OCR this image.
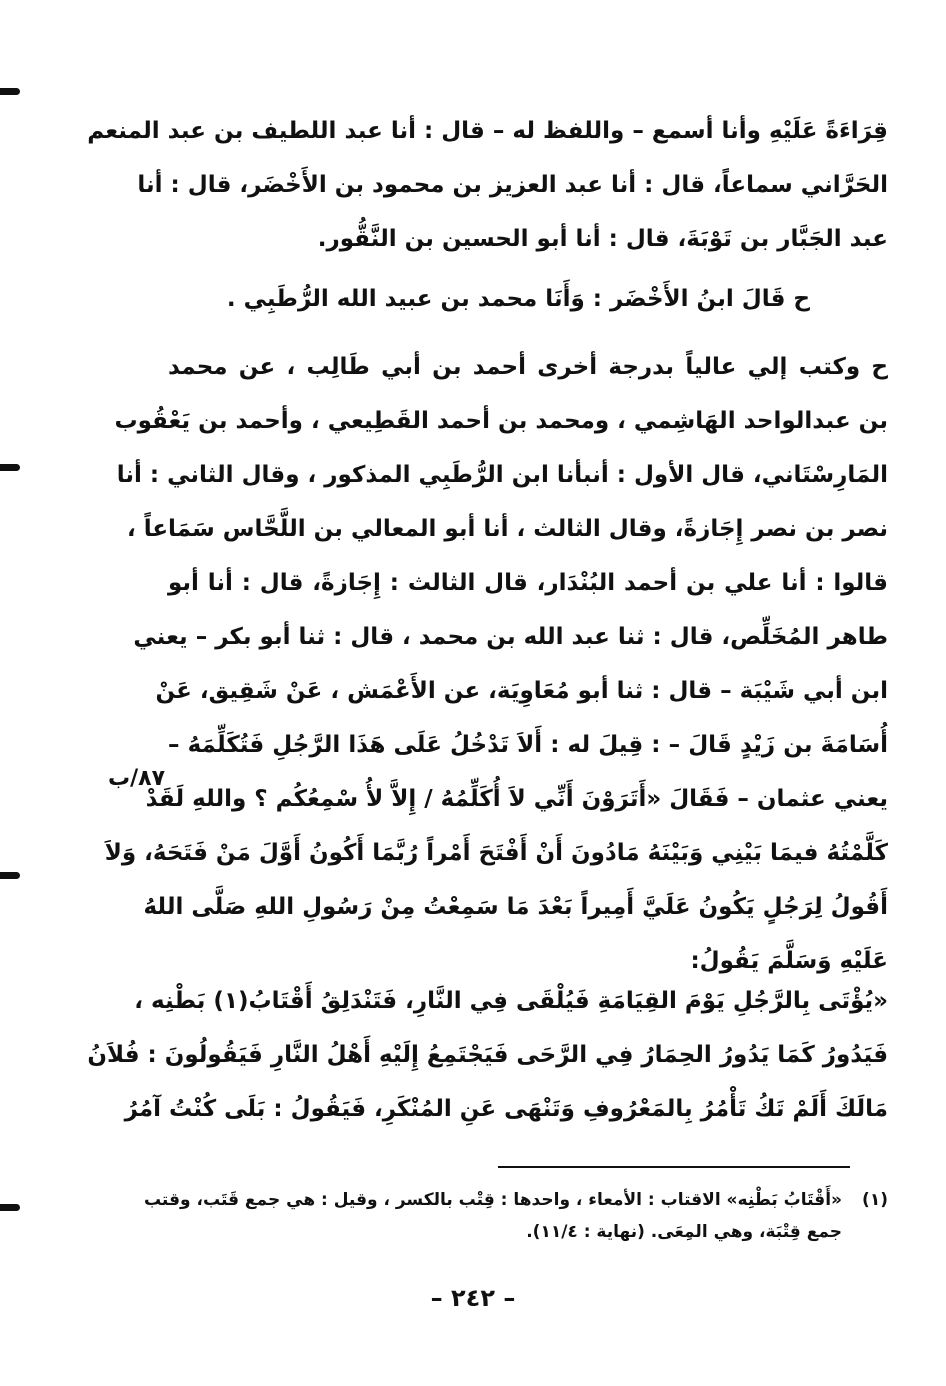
قِرَاءَةً عَلَيْهِ وأنا أسمع – واللفظ له – قال : أنا عبد اللطيف بن عبد المنعم
الحَرَّاني سماعاً، قال : أنا عبد العزيز بن محمود بن الأَخْضَر، قال : أنا
عبد الجَبَّار بن تَوْبَةَ، قال : أنا أبو الحسين بن النَّقُّور.
ح قَالَ ابنُ الأَخْضَر : وَأَنَا محمد بن عبيد الله الرُّطَبِي .
ح وكتب إلي عالياً بدرجة أخرى أحمد بن أبي طَالِب ، عن محمد
بن عبدالواحد الهَاشِمي ، ومحمد بن أحمد القَطِيعي ، وأحمد بن يَعْقُوب
المَارِسْتَاني، قال الأول : أنبأنا ابن الرُّطَبِي المذكور ، وقال الثاني : أنا
نصر بن نصر إِجَازةً، وقال الثالث ، أنا أبو المعالي بن اللَّحَّاس سَمَاعاً ،
قالوا : أنا علي بن أحمد البُنْدَار، قال الثالث : إِجَازةً، قال : أنا أبو
طاهر المُخَلِّص، قال : ثنا عبد الله بن محمد ، قال : ثنا أبو بكر – يعني
ابن أبي شَيْبَة – قال : ثنا أبو مُعَاوِيَة، عن الأَعْمَش ، عَنْ شَقِيق، عَنْ
أُسَامَةَ بن زَيْدٍ قَالَ – : قِيلَ له : أَلاَ تَدْخُلُ عَلَى هَذَا الرَّجُلِ فَتُكَلِّمَهُ –
يعني عثمان – فَقَالَ «أَتَرَوْنَ أَنِّي لاَ أُكَلِّمُهُ / إِلاَّ لأُ سْمِعُكُم ؟ واللهِ لَقَدْ
كَلَّمْتُهُ فيمَا بَيْنِي وَبَيْنَهُ مَادُونَ أَنْ أَفْتَحَ أَمْراً رُبَّمَا أَكُونُ أَوَّلَ مَنْ فَتَحَهُ، وَلاَ
أَقُولُ لِرَجُلٍ يَكُونُ عَلَيَّ أَمِيراً بَعْدَ مَا سَمِعْتُ مِنْ رَسُولِ اللهِ صَلَّى اللهُ
عَلَيْهِ وَسَلَّمَ يَقُولُ:
٨٧/ب
«يُؤْتَى بِالرَّجُلِ يَوْمَ القِيَامَةِ فَيُلْقَى فِي النَّارِ، فَتَنْدَلِقُ أَقْتَابُ(١) بَطْنِه ،
فَيَدُورُ كَمَا يَدُورُ الحِمَارُ فِي الرَّحَى فَيَجْتَمِعُ إِلَيْهِ أَهْلُ النَّارِ فَيَقُولُونَ : فُلاَنُ
مَالَكَ أَلَمْ تَكُ تَأْمُرُ بِالمَعْرُوفِ وَتَنْهَى عَنِ المُنْكَرِ، فَيَقُولُ : بَلَى كُنْتُ آمُرُ
(١)«أَقْتَابُ بَطْنِه» الاقتاب : الأمعاء ، واحدها : قِتْب بالكسر ، وقيل : هي جمع قَتَب، وقتب
جمع قِتْبَة، وهي المِعَى. (نهاية : ١١/٤).
– ٢٤٢ –
